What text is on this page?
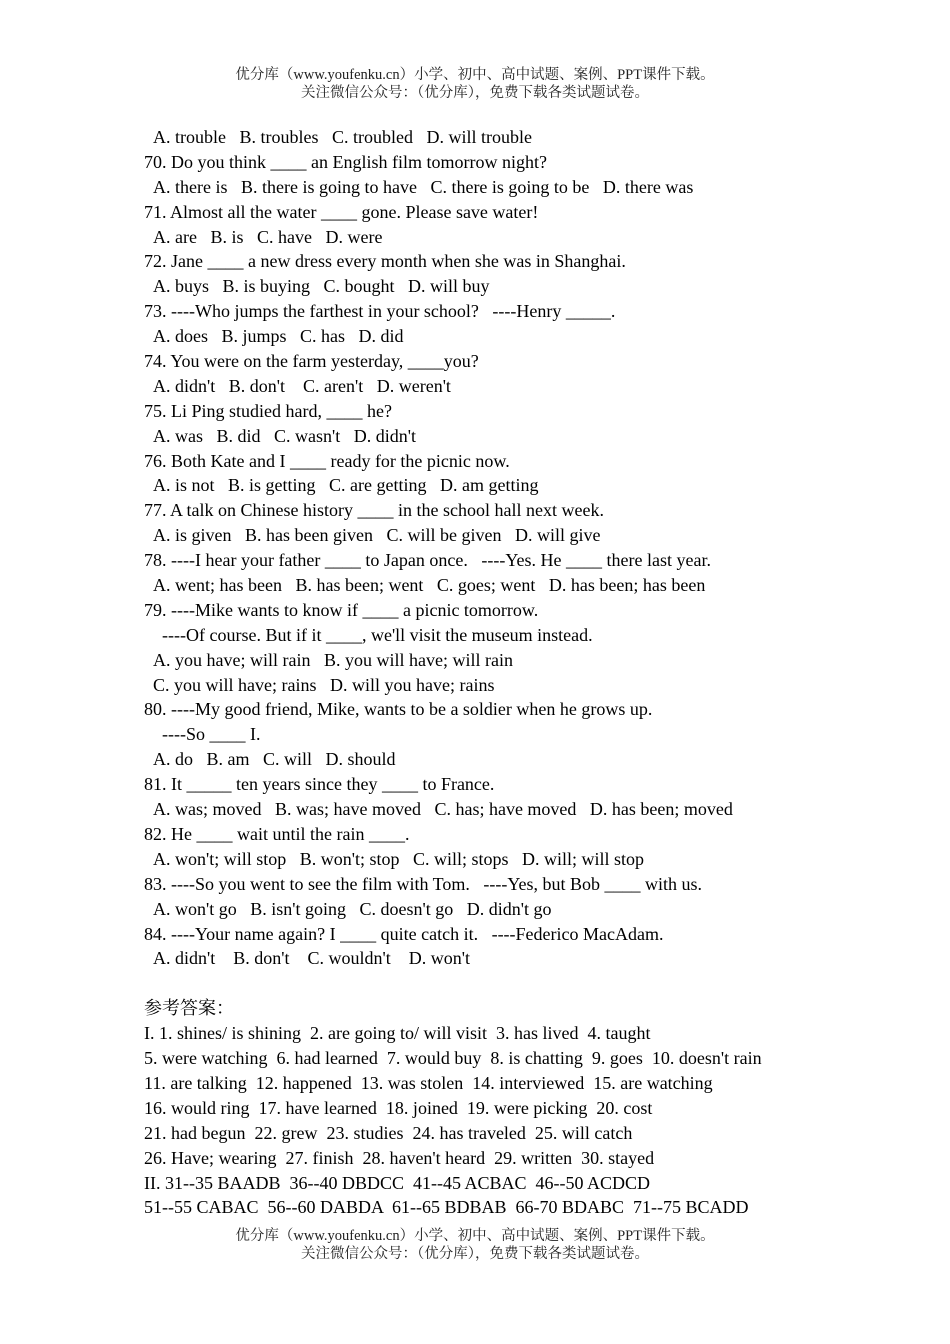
优分库（www.youfenku.cn）小学、初中、高中试题、案例、PPT课件下载。
关注微信公众号：（优分库），免费下载各类试题试卷。
A. trouble   B. troubles   C. troubled   D. will trouble
70. Do you think ____ an English film tomorrow night?
A. there is   B. there is going to have   C. there is going to be   D. there was
71. Almost all the water ____ gone. Please save water!
A. are   B. is   C. have   D. were
72. Jane ____ a new dress every month when she was in Shanghai.
A. buys   B. is buying   C. bought   D. will buy
73. ----Who jumps the farthest in your school?   ----Henry _____.
A. does   B. jumps   C. has   D. did
74. You were on the farm yesterday, ____you?
A. didn't   B. don't    C. aren't   D. weren't
75. Li Ping studied hard, ____ he?
A. was   B. did   C. wasn't   D. didn't
76. Both Kate and I ____ ready for the picnic now.
A. is not   B. is getting   C. are getting   D. am getting
77. A talk on Chinese history ____ in the school hall next week.
A. is given   B. has been given   C. will be given   D. will give
78. ----I hear your father ____ to Japan once.   ----Yes. He ____ there last year.
A. went; has been   B. has been; went   C. goes; went   D. has been; has been
79. ----Mike wants to know if ____ a picnic tomorrow.
----Of course. But if it ____, we'll visit the museum instead.
A. you have; will rain   B. you will have; will rain
C. you will have; rains   D. will you have; rains
80. ----My good friend, Mike, wants to be a soldier when he grows up.
----So ____ I.
A. do   B. am   C. will   D. should
81. It _____ ten years since they ____ to France.
A. was; moved   B. was; have moved   C. has; have moved   D. has been; moved
82. He ____ wait until the rain ____.
A. won't; will stop   B. won't; stop   C. will; stops   D. will; will stop
83. ----So you went to see the film with Tom.   ----Yes, but Bob ____ with us.
A. won't go   B. isn't going   C. doesn't go   D. didn't go
84. ----Your name again? I ____ quite catch it.   ----Federico MacAdam.
A. didn't    B. don't    C. wouldn't    D. won't
参考答案：
I. 1. shines/ is shining  2. are going to/ will visit  3. has lived  4. taught
5. were watching  6. had learned  7. would buy  8. is chatting  9. goes  10. doesn't rain
11. are talking  12. happened  13. was stolen  14. interviewed  15. are watching
16. would ring  17. have learned  18. joined  19. were picking  20. cost
21. had begun  22. grew  23. studies  24. has traveled  25. will catch
26. Have; wearing  27. finish  28. haven't heard  29. written  30. stayed
II. 31--35 BAADB  36--40 DBDCC  41--45 ACBAC  46--50 ACDCD
51--55 CABAC  56--60 DABDA  61--65 BDBAB  66-70 BDABC  71--75 BCADD
优分库（www.youfenku.cn）小学、初中、高中试题、案例、PPT课件下载。
关注微信公众号：（优分库），免费下载各类试题试卷。
